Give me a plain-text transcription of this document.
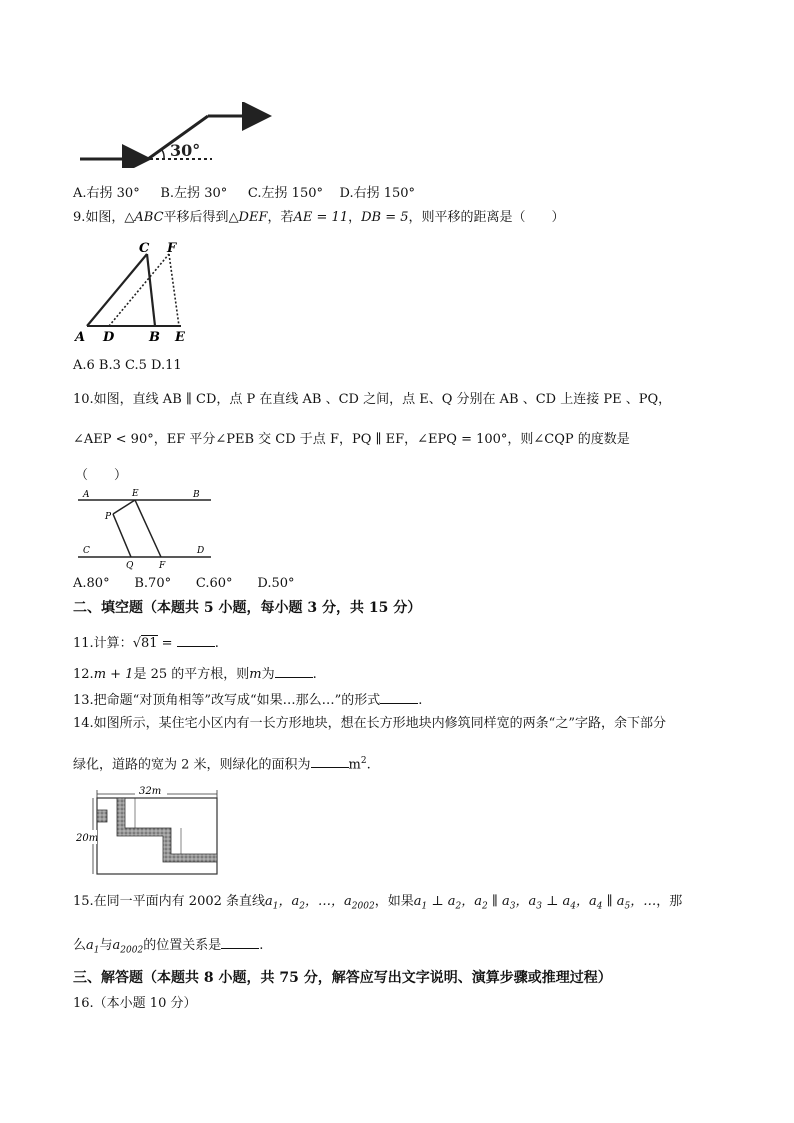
30°
A.右拐 30° B.左拐 30° C.左拐 150° D.右拐 150°
9.如图，△ABC平移后得到△DEF，若AE = 11，DB = 5，则平移的距离是（　　）
C F
A D	B E
A.6 B.3 C.5 D.11
10.如图，直线 AB ∥ CD，点 P 在直线 AB 、CD 之间，点 E、Q 分别在 AB 、CD 上连接 PE 、PQ，
∠AEP < 90°，EF 平分∠PEB 交 CD 于点 F，PQ ∥ EF，∠EPQ = 100°，则∠CQP 的度数是
（　　）
A	E	B
P
C
Q	F
D
A.80° B.70° C.60° D.50°
二、填空题（本题共 5 小题，每小题 3 分，共 15 分）
11.计算：√81 =	.
12.m + 1是 25 的平方根，则m为	.
13.把命题“对顶角相等”改写成“如果…那么…”的形式	.
14.如图所示，某住宅小区内有一长方形地块，想在长方形地块内修筑同样宽的两条“之”字路，余下部分
绿化，道路的宽为 2 米，则绿化的面积为	$m^2$.
32m
20m
15.在同一平面内有 2002 条直线$a_1$，$a_2$，…，$a_{2002}$，如果$a_1$ ⊥ $a_2$，$a_2$ ∥ $a_3$，$a_3$ ⊥ $a_4$，$a_4$ ∥ $a_5$，…，那
么$a_1$与$a_{2002}$的位置关系是	.
三、解答题（本题共 8 小题，共 75 分，解答应写出文字说明、演算步骤或推理过程）
16.（本小题 10 分）
